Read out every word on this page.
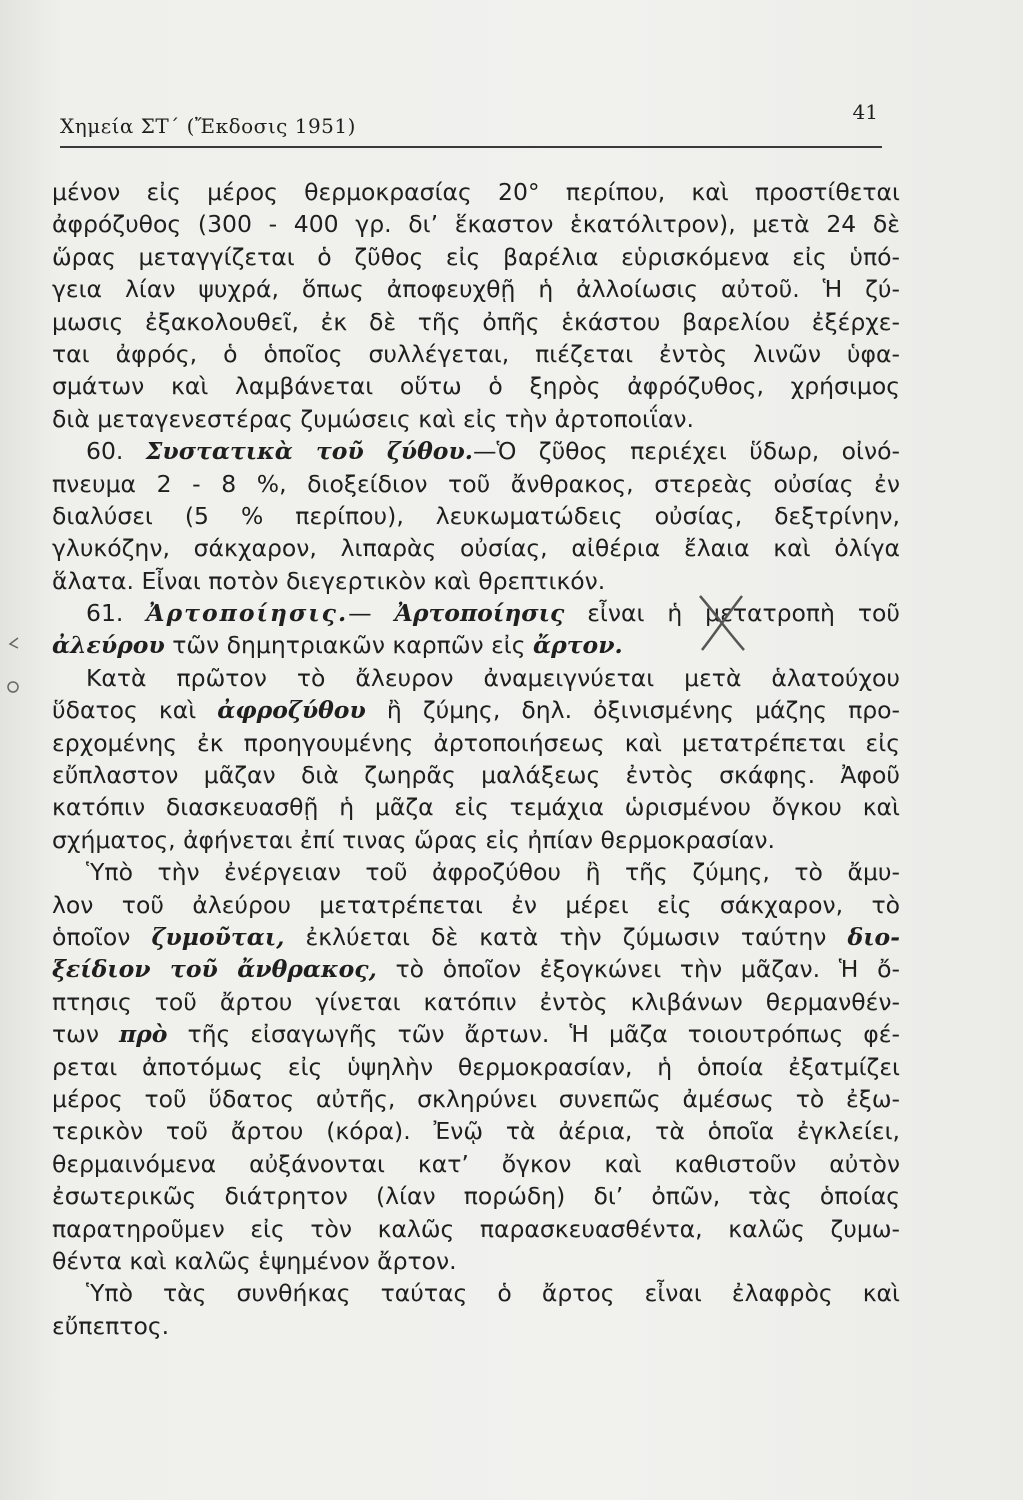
Χημεία ΣΤ΄ (Ἔκδοσις 1951)
41
μένον εἰς μέρος θερμοκρασίας 20° περίπου, καὶ προστίθεται
ἀφρόζυθος (300 - 400 γρ. δι’ ἕκαστον ἑκατόλιτρον), μετὰ 24 δὲ
ὥρας μεταγγίζεται ὁ ζῦθος εἰς βαρέλια εὑρισκόμενα εἰς ὑπό-
γεια λίαν ψυχρά, ὅπως ἀποφευχθῇ ἡ ἀλλοίωσις αὐτοῦ. Ἡ ζύ-
μωσις ἐξακολουθεῖ, ἐκ δὲ τῆς ὀπῆς ἑκάστου βαρελίου ἐξέρχε-
ται ἀφρός, ὁ ὁποῖος συλλέγεται, πιέζεται ἐντὸς λινῶν ὑφα-
σμάτων καὶ λαμβάνεται οὕτω ὁ ξηρὸς ἀφρόζυθος, χρήσιμος
διὰ μεταγενεστέρας ζυμώσεις καὶ εἰς τὴν ἀρτοποιΐαν.
60. Συστατικὰ τοῦ ζύθου.—Ὁ ζῦθος περιέχει ὕδωρ, οἰνό-
πνευμα 2 - 8 %, διοξείδιον τοῦ ἄνθρακος, στερεὰς οὐσίας ἐν
διαλύσει (5 % περίπου), λευκωματώδεις οὐσίας, δεξτρίνην,
γλυκόζην, σάκχαρον, λιπαρὰς οὐσίας, αἰθέρια ἔλαια καὶ ὀλίγα
ἅλατα. Εἶναι ποτὸν διεγερτικὸν καὶ θρεπτικόν.
61. Ἀρτοποίησις.— Ἀρτοποίησις εἶναι ἡ μετατροπὴ τοῦ
ἀλεύρου τῶν δημητριακῶν καρπῶν εἰς ἄρτον.
Κατὰ πρῶτον τὸ ἄλευρον ἀναμειγνύεται μετὰ ἁλατούχου
ὕδατος καὶ ἀφροζύθου ἢ ζύμης, δηλ. ὀξινισμένης μάζης προ-
ερχομένης ἐκ προηγουμένης ἀρτοποιήσεως καὶ μετατρέπεται εἰς
εὔπλαστον μᾶζαν διὰ ζωηρᾶς μαλάξεως ἐντὸς σκάφης. Ἀφοῦ
κατόπιν διασκευασθῇ ἡ μᾶζα εἰς τεμάχια ὡρισμένου ὄγκου καὶ
σχήματος, ἀφήνεται ἐπί τινας ὥρας εἰς ἠπίαν θερμοκρασίαν.
Ὑπὸ τὴν ἐνέργειαν τοῦ ἀφροζύθου ἢ τῆς ζύμης, τὸ ἄμυ-
λον τοῦ ἀλεύρου μετατρέπεται ἐν μέρει εἰς σάκχαρον, τὸ
ὁποῖον ζυμοῦται, ἐκλύεται δὲ κατὰ τὴν ζύμωσιν ταύτην διο-
ξείδιον τοῦ ἄνθρακος, τὸ ὁποῖον ἐξογκώνει τὴν μᾶζαν. Ἡ ὄ-
πτησις τοῦ ἄρτου γίνεται κατόπιν ἐντὸς κλιβάνων θερμανθέν-
των πρὸ τῆς εἰσαγωγῆς τῶν ἄρτων. Ἡ μᾶζα τοιουτρόπως φέ-
ρεται ἀποτόμως εἰς ὑψηλὴν θερμοκρασίαν, ἡ ὁποία ἐξατμίζει
μέρος τοῦ ὕδατος αὐτῆς, σκληρύνει συνεπῶς ἀμέσως τὸ ἐξω-
τερικὸν τοῦ ἄρτου (κόρα). Ἐνῷ τὰ ἀέρια, τὰ ὁποῖα ἐγκλείει,
θερμαινόμενα αὐξάνονται κατ’ ὄγκον καὶ καθιστοῦν αὐτὸν
ἐσωτερικῶς διάτρητον (λίαν πορώδη) δι’ ὀπῶν, τὰς ὁποίας
παρατηροῦμεν εἰς τὸν καλῶς παρασκευασθέντα, καλῶς ζυμω-
θέντα καὶ καλῶς ἑψημένον ἄρτον.
Ὑπὸ τὰς συνθήκας ταύτας ὁ ἄρτος εἶναι ἐλαφρὸς καὶ
εὔπεπτος.
